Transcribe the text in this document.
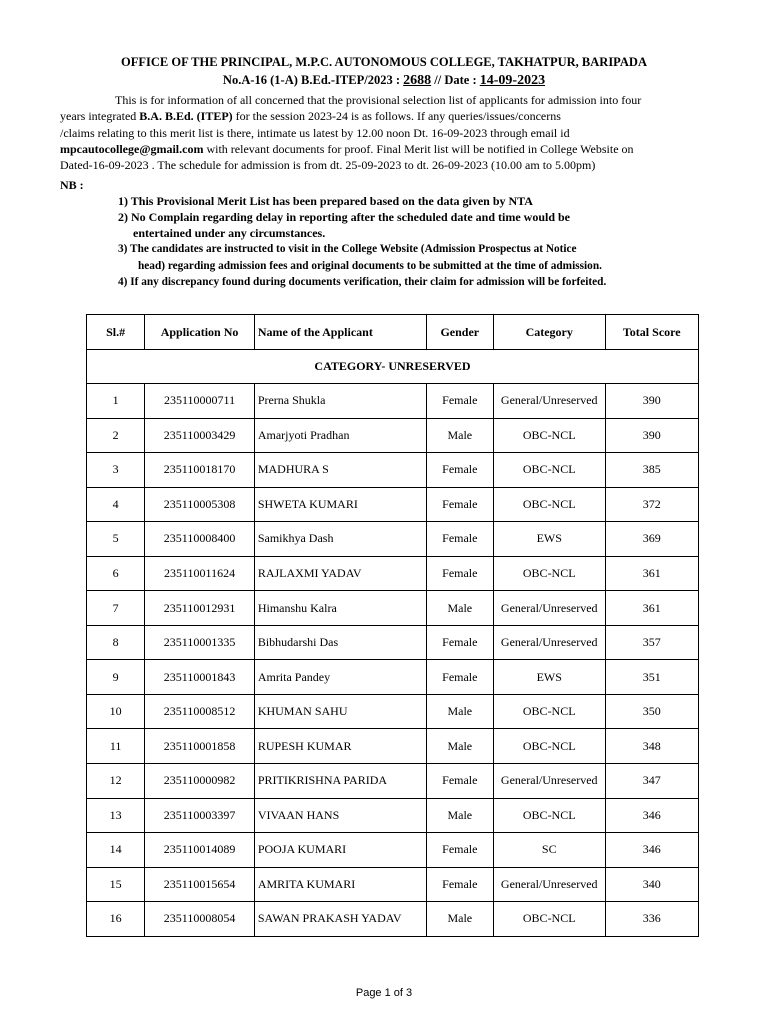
OFFICE OF THE PRINCIPAL, M.P.C. AUTONOMOUS COLLEGE, TAKHATPUR, BARIPADA
No.A-16 (1-A) B.Ed.-ITEP/2023 : 2688 // Date : 14-09-2023
This is for information of all concerned that the provisional selection list of applicants for admission into four
years integrated B.A. B.Ed. (ITEP) for the session 2023-24 is as follows. If any queries/issues/concerns
/claims relating to this merit list is there, intimate us latest by 12.00 noon Dt. 16-09-2023 through email id
mpcautocollege@gmail.com with relevant documents for proof. Final Merit list will be notified in College Website on
Dated-16-09-2023 . The schedule for admission is from dt. 25-09-2023 to dt. 26-09-2023 (10.00 am to 5.00pm)
NB :
1) This Provisional Merit List has been prepared based on the data given by NTA
2) No Complain regarding delay in reporting after the scheduled date and time would be
entertained under any circumstances.
3) The candidates are instructed to visit in the College Website (Admission Prospectus at Notice
head) regarding admission fees and original documents to be submitted at the time of admission.
4) If any discrepancy found during documents verification, their claim for admission will be forfeited.
Sl.#	Application No	Name of the Applicant	Gender	Category	Total Score
CATEGORY- UNRESERVED					
1	235110000711	Prerna Shukla	Female	General/Unreserved	390
2	235110003429	Amarjyoti Pradhan	Male	OBC-NCL	390
3	235110018170	MADHURA S	Female	OBC-NCL	385
4	235110005308	SHWETA KUMARI	Female	OBC-NCL	372
5	235110008400	Samikhya Dash	Female	EWS	369
6	235110011624	RAJLAXMI YADAV	Female	OBC-NCL	361
7	235110012931	Himanshu Kalra	Male	General/Unreserved	361
8	235110001335	Bibhudarshi Das	Female	General/Unreserved	357
9	235110001843	Amrita Pandey	Female	EWS	351
10	235110008512	KHUMAN SAHU	Male	OBC-NCL	350
11	235110001858	RUPESH KUMAR	Male	OBC-NCL	348
12	235110000982	PRITIKRISHNA PARIDA	Female	General/Unreserved	347
13	235110003397	VIVAAN HANS	Male	OBC-NCL	346
14	235110014089	POOJA KUMARI	Female	SC	346
15	235110015654	AMRITA KUMARI	Female	General/Unreserved	340
16	235110008054	SAWAN PRAKASH YADAV	Male	OBC-NCL	336
Page 1 of 3
